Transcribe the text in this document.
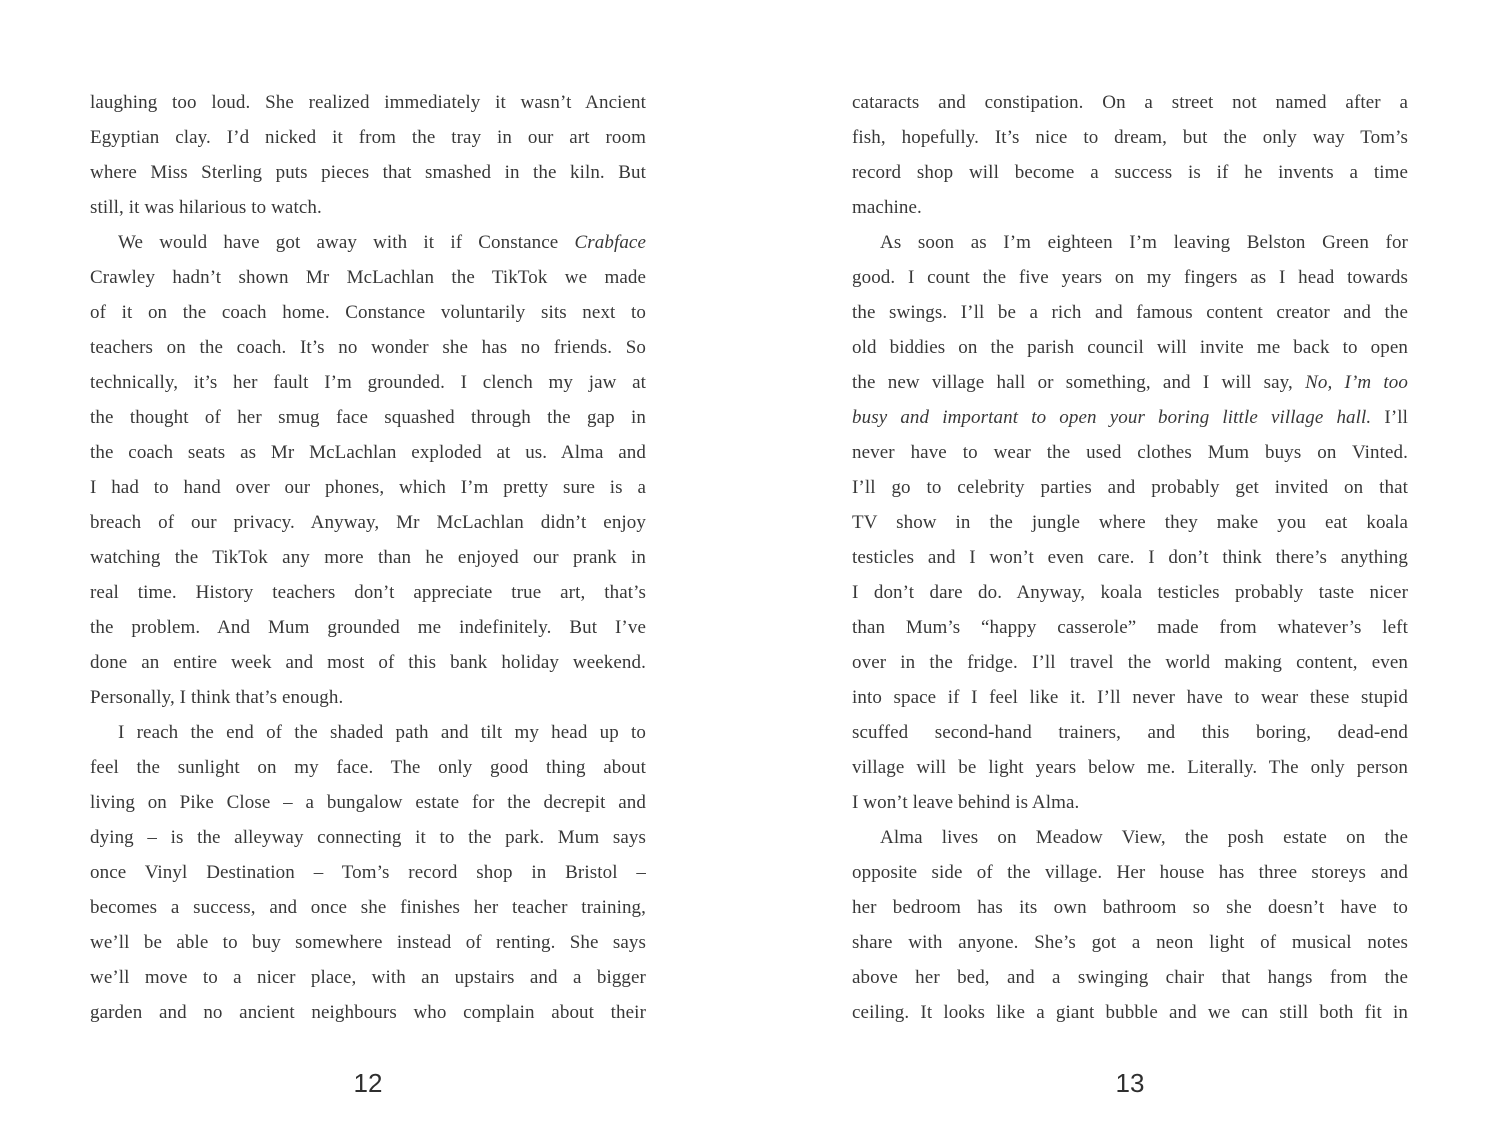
laughing too loud. She realized immediately it wasn’t Ancient
Egyptian clay. I’d nicked it from the tray in our art room
where Miss Sterling puts pieces that smashed in the kiln. But
still, it was hilarious to watch.
We would have got away with it if Constance Crabface
Crawley hadn’t shown Mr McLachlan the TikTok we made
of it on the coach home. Constance voluntarily sits next to
teachers on the coach. It’s no wonder she has no friends. So
technically, it’s her fault I’m grounded. I clench my jaw at
the thought of her smug face squashed through the gap in
the coach seats as Mr McLachlan exploded at us. Alma and
I had to hand over our phones, which I’m pretty sure is a
breach of our privacy. Anyway, Mr McLachlan didn’t enjoy
watching the TikTok any more than he enjoyed our prank in
real time. History teachers don’t appreciate true art, that’s
the problem. And Mum grounded me indefinitely. But I’ve
done an entire week and most of this bank holiday weekend.
Personally, I think that’s enough.
I reach the end of the shaded path and tilt my head up to
feel the sunlight on my face. The only good thing about
living on Pike Close – a bungalow estate for the decrepit and
dying – is the alleyway connecting it to the park. Mum says
once Vinyl Destination – Tom’s record shop in Bristol –
becomes a success, and once she finishes her teacher training,
we’ll be able to buy somewhere instead of renting. She says
we’ll move to a nicer place, with an upstairs and a bigger
garden and no ancient neighbours who complain about their
cataracts and constipation. On a street not named after a
fish, hopefully. It’s nice to dream, but the only way Tom’s
record shop will become a success is if he invents a time
machine.
As soon as I’m eighteen I’m leaving Belston Green for
good. I count the five years on my fingers as I head towards
the swings. I’ll be a rich and famous content creator and the
old biddies on the parish council will invite me back to open
the new village hall or something, and I will say, No, I’m too
busy and important to open your boring little village hall. I’ll
never have to wear the used clothes Mum buys on Vinted.
I’ll go to celebrity parties and probably get invited on that
TV show in the jungle where they make you eat koala
testicles and I won’t even care. I don’t think there’s anything
I don’t dare do. Anyway, koala testicles probably taste nicer
than Mum’s “happy casserole” made from whatever’s left
over in the fridge. I’ll travel the world making content, even
into space if I feel like it. I’ll never have to wear these stupid
scuffed second-hand trainers, and this boring, dead-end
village will be light years below me. Literally. The only person
I won’t leave behind is Alma.
Alma lives on Meadow View, the posh estate on the
opposite side of the village. Her house has three storeys and
her bedroom has its own bathroom so she doesn’t have to
share with anyone. She’s got a neon light of musical notes
above her bed, and a swinging chair that hangs from the
ceiling. It looks like a giant bubble and we can still both fit in
12	13
